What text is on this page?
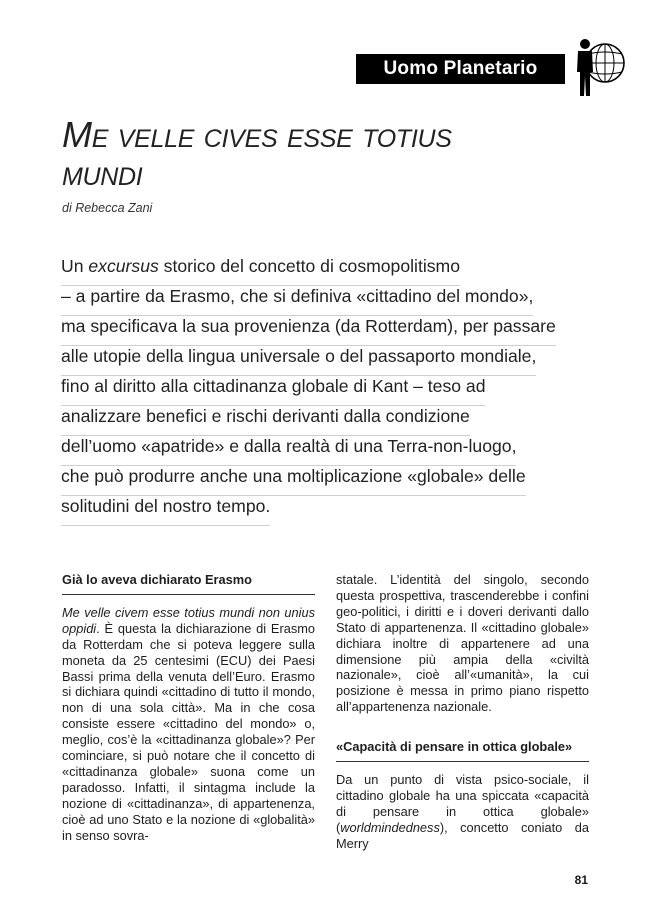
Uomo Planetario
Me velle cives esse totius
mundi
di Rebecca Zani

Un excursus storico del concetto di cosmopolitismo

– a partire da Erasmo, che si definiva «cittadino del mondo»,

ma specificava la sua provenienza (da Rotterdam), per passare

alle utopie della lingua universale o del passaporto mondiale,

fino al diritto alla cittadinanza globale di Kant – teso ad

analizzare benefici e rischi derivanti dalla condizione

dell’uomo «apatride» e dalla realtà di una Terra-non-luogo,

che può produrre anche una moltiplicazione «globale» delle

solitudini del nostro tempo.

Già lo aveva dichiarato Erasmo

Me velle civem esse totius mundi non unius oppidi. È questa la dichiarazione di Erasmo da Rotterdam che si poteva leggere sulla moneta da 25 centesimi (ECU) dei Paesi Bassi prima della venuta dell’Euro. Erasmo si dichiara quindi «cittadino di tutto il mondo, non di una sola città». Ma in che cosa consiste essere «cittadino del mondo» o, meglio, cos’è la «cittadinanza globale»? Per cominciare, si può notare che il concetto di «cittadinanza globale» suona come un paradosso. Infatti, il sintagma include la nozione di «cittadinanza», di appartenenza, cioè ad uno Stato e la nozione di «globalità» in senso sovra-

statale. L’identità del singolo, secondo questa prospettiva, trascenderebbe i confini geo-politici, i diritti e i doveri derivanti dallo Stato di appartenenza. Il «cittadino globale» dichiara inoltre di appartenere ad una dimensione più ampia della «civiltà nazionale», cioè all’«umanità», la cui posizione è messa in primo piano rispetto all’appartenenza nazionale.

«Capacità di pensare in ottica globale»

Da un punto di vista psico-sociale, il cittadino globale ha una spiccata «capacità di pensare in ottica globale» (worldmindedness), concetto coniato da Merry

81
